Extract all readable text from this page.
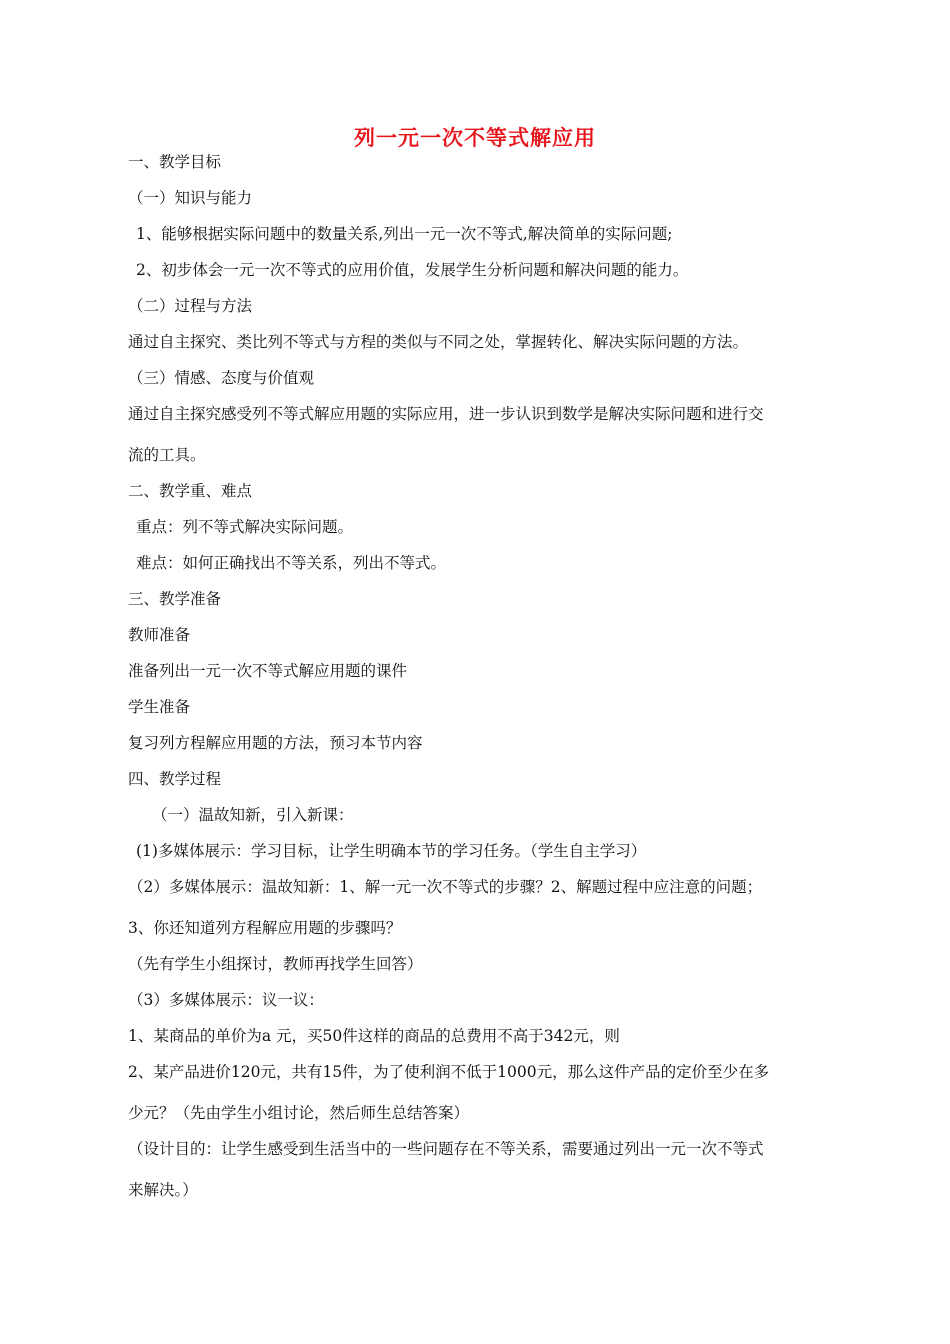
列一元一次不等式解应用
一、教学目标
（一）知识与能力
1、能够根据实际问题中的数量关系,列出一元一次不等式,解决简单的实际问题;
2、初步体会一元一次不等式的应用价值，发展学生分析问题和解决问题的能力。
（二）过程与方法
通过自主探究、类比列不等式与方程的类似与不同之处，掌握转化、解决实际问题的方法。
（三）情感、态度与价值观
通过自主探究感受列不等式解应用题的实际应用，进一步认识到数学是解决实际问题和进行交
流的工具。
二、教学重、难点
重点：列不等式解决实际问题。
难点：如何正确找出不等关系，列出不等式。
三、教学准备
教师准备
准备列出一元一次不等式解应用题的课件
学生准备
复习列方程解应用题的方法，预习本节内容
四、教学过程
（一）温故知新，引入新课：
(1)多媒体展示：学习目标，让学生明确本节的学习任务。（学生自主学习）
（2）多媒体展示：温故知新：1、解一元一次不等式的步骤？2、解题过程中应注意的问题；
3、你还知道列方程解应用题的步骤吗？
（先有学生小组探讨，教师再找学生回答）
（3）多媒体展示：议一议：
1、某商品的单价为a 元，买50件这样的商品的总费用不高于342元，则
2、某产品进价120元，共有15件，为了使利润不低于1000元，那么这件产品的定价至少在多
少元？（先由学生小组讨论，然后师生总结答案）
（设计目的：让学生感受到生活当中的一些问题存在不等关系，需要通过列出一元一次不等式
来解决。）
